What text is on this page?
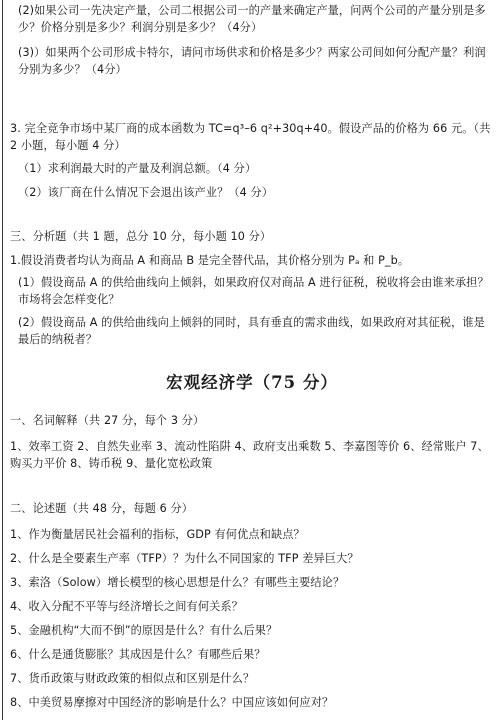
(2)如果公司一先决定产量，公司二根据公司一的产量来确定产量，问两个公司的产量分别是多少？价格分别是多少？利润分别是多少？（4分）

(3)）如果两个公司形成卡特尔，请问市场供求和价格是多少？两家公司间如何分配产量？利润分别为多少？（4分）

3. 完全竞争市场中某厂商的成本函数为 TC=q³–6 q²+30q+40。假设产品的价格为 66 元。（共 2 小题，每小题 4 分）

（1）求利润最大时的产量及利润总额。（4 分）

（2）该厂商在什么情况下会退出该产业？（4 分）

三、分析题（共 1 题，总分 10 分，每小题 10 分）

1.假设消费者均认为商品 A 和商品 B 是完全替代品，其价格分别为 Pₐ 和 P_b。

(1）假设商品 A 的供给曲线向上倾斜，如果政府仅对商品 A 进行征税，税收将会由谁来承担？市场将会怎样变化？

(2）假设商品 A 的供给曲线向上倾斜的同时，具有垂直的需求曲线，如果政府对其征税，谁是最后的纳税者？

宏观经济学（75 分）

一、名词解释（共 27 分，每个 3 分）

1、效率工资 2、自然失业率 3、流动性陷阱 4、政府支出乘数 5、李嘉图等价 6、经常账户 7、购买力平价 8、铸币税 9、量化宽松政策

二、论述题（共 48 分，每题 6 分）

1、作为衡量居民社会福利的指标，GDP 有何优点和缺点？

2、什么是全要素生产率（TFP）？为什么不同国家的 TFP 差异巨大？

3、索洛（Solow）增长模型的核心思想是什么？有哪些主要结论？

4、收入分配不平等与经济增长之间有何关系？

5、金融机构“大而不倒”的原因是什么？有什么后果？

6、什么是通货膨胀？其成因是什么？有哪些后果？

7、货币政策与财政政策的相似点和区别是什么？

8、中美贸易摩擦对中国经济的影响是什么？中国应该如何应对？
